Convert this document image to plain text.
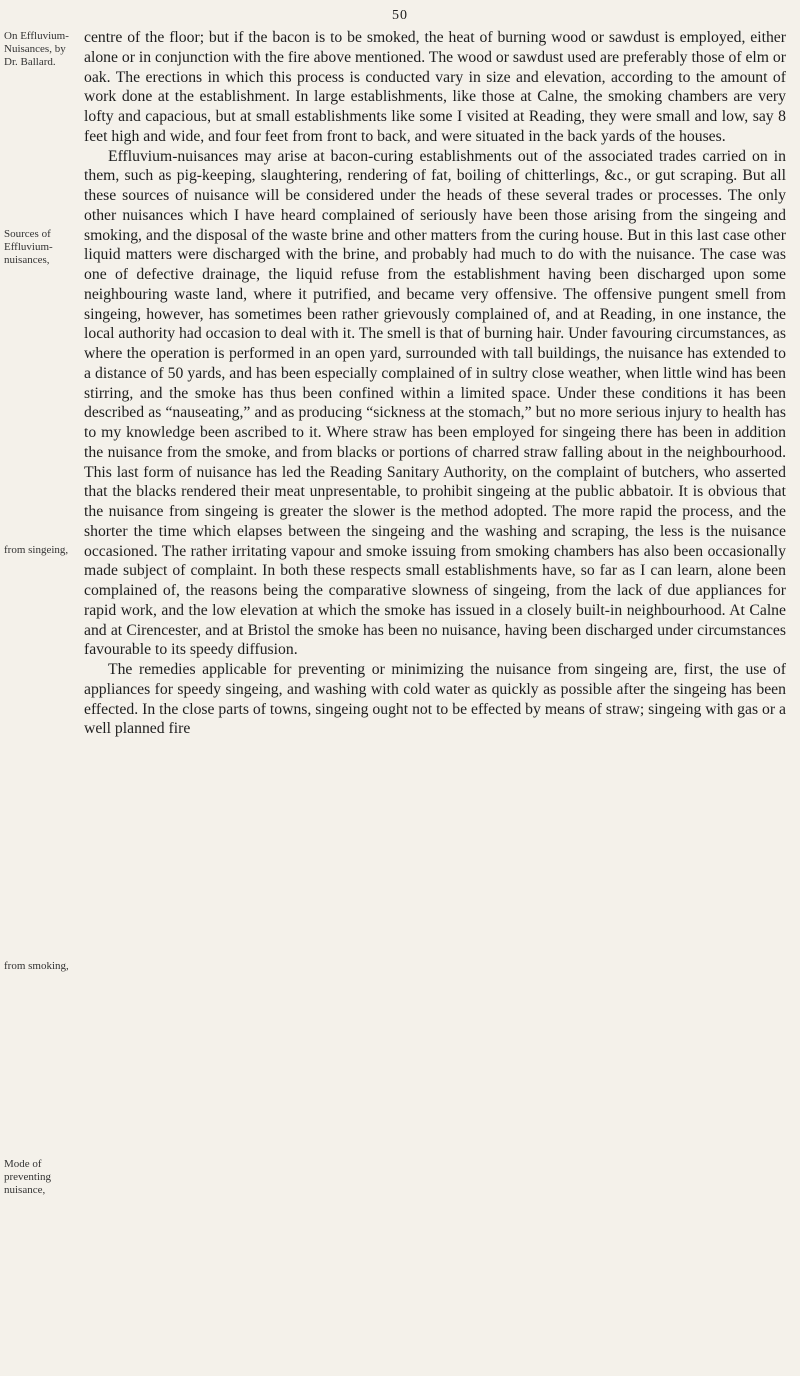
50
On Effluvium-Nuisances, by Dr. Ballard.
Sources of Effluvium-nuisances,
from singeing,
from smoking,
Mode of preventing nuisance,

centre of the floor; but if the bacon is to be smoked, the heat of burning wood or sawdust is employed, either alone or in conjunction with the fire above mentioned. The wood or sawdust used are preferably those of elm or oak. The erections in which this process is conducted vary in size and elevation, according to the amount of work done at the establishment. In large establishments, like those at Calne, the smoking chambers are very lofty and capacious, but at small establishments like some I visited at Reading, they were small and low, say 8 feet high and wide, and four feet from front to back, and were situated in the back yards of the houses.

Effluvium-nuisances may arise at bacon-curing establishments out of the associated trades carried on in them, such as pig-keeping, slaughtering, rendering of fat, boiling of chitterlings, &c., or gut scraping. But all these sources of nuisance will be considered under the heads of these several trades or processes. The only other nuisances which I have heard complained of seriously have been those arising from the singeing and smoking, and the disposal of the waste brine and other matters from the curing house. But in this last case other liquid matters were discharged with the brine, and probably had much to do with the nuisance. The case was one of defective drainage, the liquid refuse from the establishment having been discharged upon some neighbouring waste land, where it putrified, and became very offensive. The offensive pungent smell from singeing, however, has sometimes been rather grievously complained of, and at Reading, in one instance, the local authority had occasion to deal with it. The smell is that of burning hair. Under favouring circumstances, as where the operation is performed in an open yard, surrounded with tall buildings, the nuisance has extended to a distance of 50 yards, and has been especially complained of in sultry close weather, when little wind has been stirring, and the smoke has thus been confined within a limited space. Under these conditions it has been described as “nauseating,” and as producing “sickness at the stomach,” but no more serious injury to health has to my knowledge been ascribed to it. Where straw has been employed for singeing there has been in addition the nuisance from the smoke, and from blacks or portions of charred straw falling about in the neighbourhood. This last form of nuisance has led the Reading Sanitary Authority, on the complaint of butchers, who asserted that the blacks rendered their meat unpresentable, to prohibit singeing at the public abbatoir. It is obvious that the nuisance from singeing is greater the slower is the method adopted. The more rapid the process, and the shorter the time which elapses between the singeing and the washing and scraping, the less is the nuisance occasioned. The rather irritating vapour and smoke issuing from smoking chambers has also been occasionally made subject of complaint. In both these respects small establishments have, so far as I can learn, alone been complained of, the reasons being the comparative slowness of singeing, from the lack of due appliances for rapid work, and the low elevation at which the smoke has issued in a closely built-in neighbourhood. At Calne and at Cirencester, and at Bristol the smoke has been no nuisance, having been discharged under circumstances favourable to its speedy diffusion.

The remedies applicable for preventing or minimizing the nuisance from singeing are, first, the use of appliances for speedy singeing, and washing with cold water as quickly as possible after the singeing has been effected. In the close parts of towns, singeing ought not to be effected by means of straw; singeing with gas or a well planned fire
